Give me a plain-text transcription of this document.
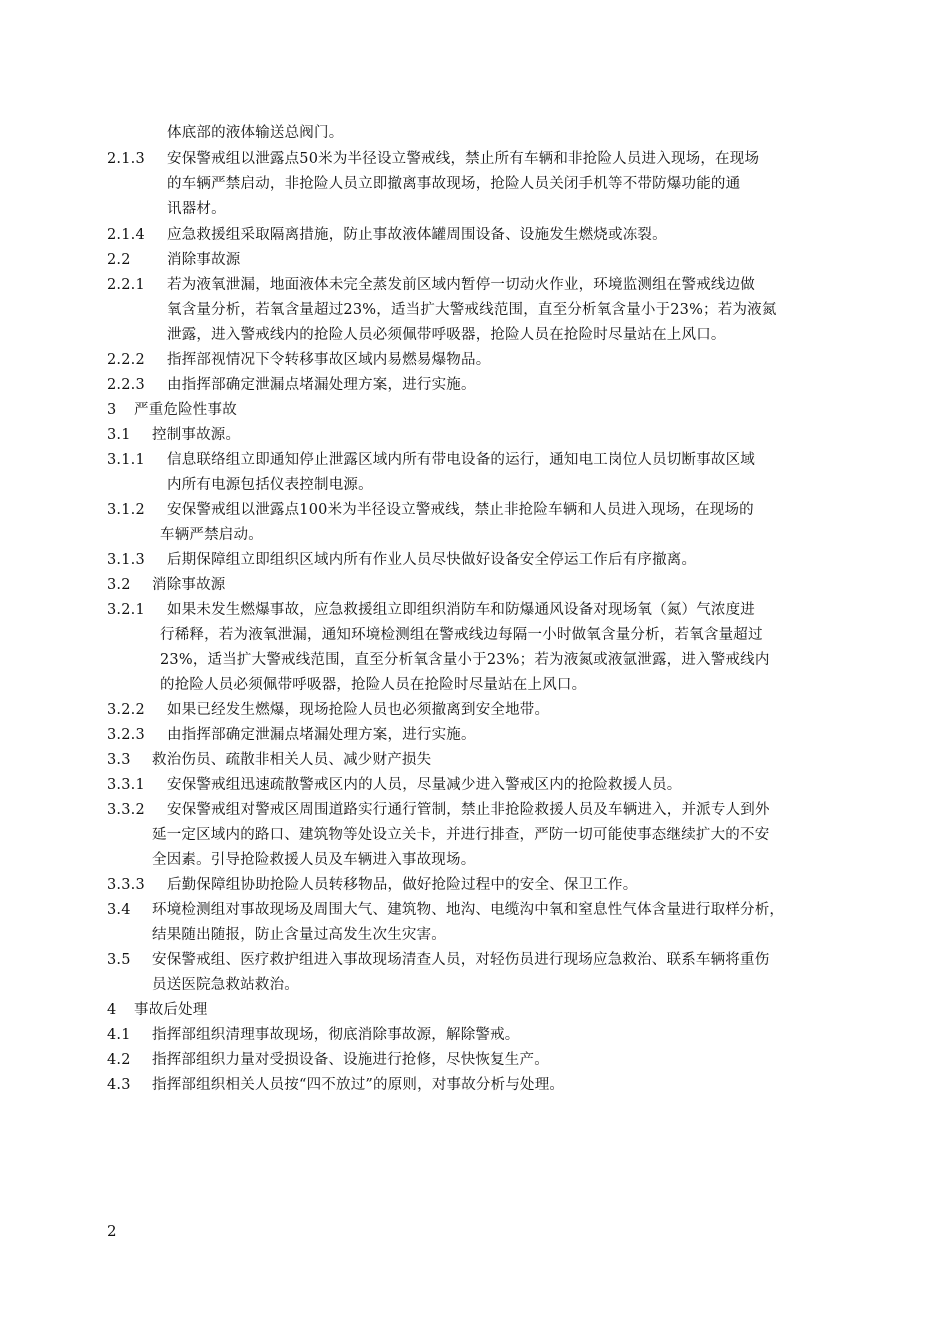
体底部的液体输送总阀门。
2.1.3 安保警戒组以泄露点50米为半径设立警戒线，禁止所有车辆和非抢险人员进入现场，在现场
的车辆严禁启动，非抢险人员立即撤离事故现场，抢险人员关闭手机等不带防爆功能的通
讯器材。
2.1.4 应急救援组采取隔离措施，防止事故液体罐周围设备、设施发生燃烧或冻裂。
2.2	消除事故源
2.2.1 若为液氧泄漏，地面液体未完全蒸发前区域内暂停一切动火作业，环境监测组在警戒线边做
氧含量分析，若氧含量超过23%，适当扩大警戒线范围，直至分析氧含量小于23%；若为液氮
泄露，进入警戒线内的抢险人员必须佩带呼吸器，抢险人员在抢险时尽量站在上风口。
2.2.2 指挥部视情况下令转移事故区域内易燃易爆物品。
2.2.3 由指挥部确定泄漏点堵漏处理方案，进行实施。
3 严重危险性事故
3.1 控制事故源。
3.1.1 信息联络组立即通知停止泄露区域内所有带电设备的运行，通知电工岗位人员切断事故区域
内所有电源包括仪表控制电源。
3.1.2 安保警戒组以泄露点100米为半径设立警戒线，禁止非抢险车辆和人员进入现场，在现场的
车辆严禁启动。
3.1.3 后期保障组立即组织区域内所有作业人员尽快做好设备安全停运工作后有序撤离。
3.2 消除事故源
3.2.1 如果未发生燃爆事故，应急救援组立即组织消防车和防爆通风设备对现场氧（氮）气浓度进
行稀释，若为液氧泄漏，通知环境检测组在警戒线边每隔一小时做氧含量分析，若氧含量超过
23%，适当扩大警戒线范围，直至分析氧含量小于23%；若为液氮或液氩泄露，进入警戒线内
的抢险人员必须佩带呼吸器，抢险人员在抢险时尽量站在上风口。
3.2.2 如果已经发生燃爆，现场抢险人员也必须撤离到安全地带。
3.2.3 由指挥部确定泄漏点堵漏处理方案，进行实施。
3.3 救治伤员、疏散非相关人员、减少财产损失
3.3.1 安保警戒组迅速疏散警戒区内的人员，尽量减少进入警戒区内的抢险救援人员。
3.3.2 安保警戒组对警戒区周围道路实行通行管制，禁止非抢险救援人员及车辆进入，并派专人到外
延一定区域内的路口、建筑物等处设立关卡，并进行排查，严防一切可能使事态继续扩大的不安
全因素。引导抢险救援人员及车辆进入事故现场。
3.3.3 后勤保障组协助抢险人员转移物品，做好抢险过程中的安全、保卫工作。
3.4 环境检测组对事故现场及周围大气、建筑物、地沟、电缆沟中氧和窒息性气体含量进行取样分析，
结果随出随报，防止含量过高发生次生灾害。
3.5 安保警戒组、医疗救护组进入事故现场清查人员，对轻伤员进行现场应急救治、联系车辆将重伤
员送医院急救站救治。
4 事故后处理
4.1 指挥部组织清理事故现场，彻底消除事故源，解除警戒。
4.2 指挥部组织力量对受损设备、设施进行抢修，尽快恢复生产。
4.3 指挥部组织相关人员按“四不放过”的原则，对事故分析与处理。
2
